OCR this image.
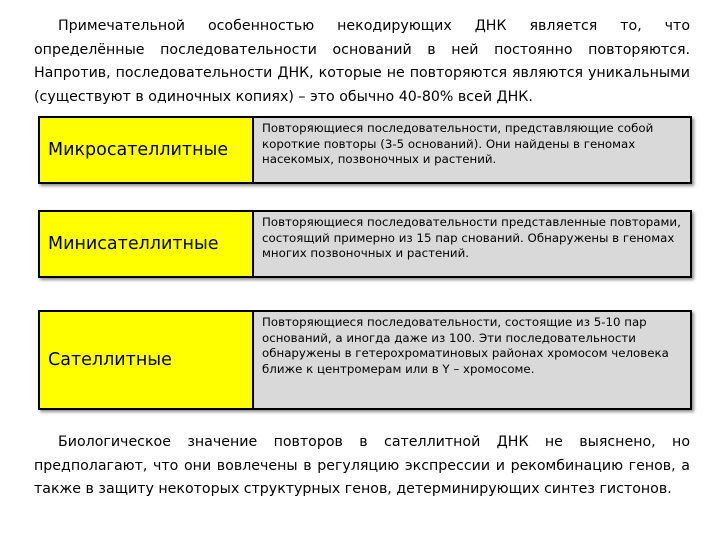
Примечательной особенностью некодирующих ДНК является то, что определённые последовательности оснований в ней постоянно повторяются. Напротив, последовательности ДНК, которые не повторяются являются уникальными (существуют в одиночных копиях) – это обычно 40-80% всей ДНК.

Микросателлитные
Повторяющиеся последовательности, представляющие собой короткие повторы (3-5 оснований). Они найдены в геномах насекомых, позвоночных и растений.
Минисателлитные
Повторяющиеся последовательности представленные повторами, состоящий примерно из 15 пар снований. Обнаружены в геномах многих позвоночных и растений.
Сателлитные
Повторяющиеся последовательности, состоящие из 5-10 пар оснований, а иногда даже из 100. Эти последовательности обнаружены в гетерохроматиновых районах хромосом человека ближе к центромерам или в Y – хромосоме.

Биологическое значение повторов в сателлитной ДНК не выяснено, но предполагают, что они вовлечены в регуляцию экспрессии и рекомбинацию генов, а также в защиту некоторых структурных генов, детерминирующих синтез гистонов.
